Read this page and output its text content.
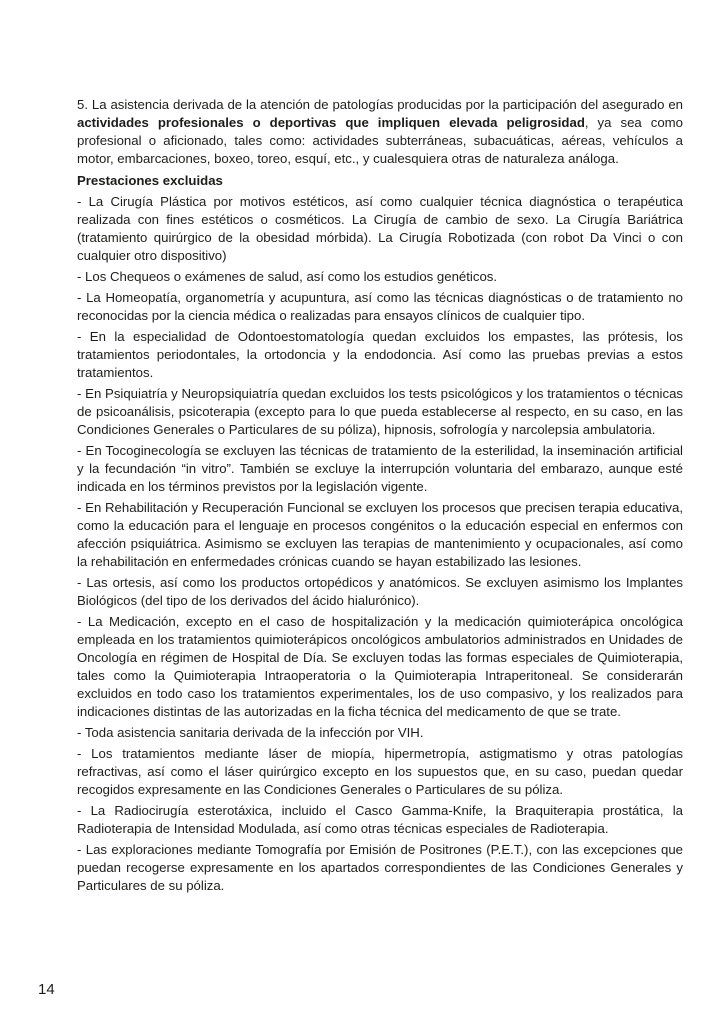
5. La asistencia derivada de la atención de patologías producidas por la participación del asegurado en actividades profesionales o deportivas que impliquen elevada peligrosidad, ya sea como profesional o aficionado, tales como: actividades subterráneas, subacuáticas, aéreas, vehículos a motor, embarcaciones, boxeo, toreo, esquí, etc., y cualesquiera otras de naturaleza análoga.

Prestaciones excluidas

- La Cirugía Plástica por motivos estéticos, así como cualquier técnica diagnóstica o terapéutica realizada con fines estéticos o cosméticos. La Cirugía de cambio de sexo. La Cirugía Bariátrica (tratamiento quirúrgico de la obesidad mórbida). La Cirugía Robotizada (con robot Da Vinci o con cualquier otro dispositivo)

- Los Chequeos o exámenes de salud, así como los estudios genéticos.

- La Homeopatía, organometría y acupuntura, así como las técnicas diagnósticas o de tratamiento no reconocidas por la ciencia médica o realizadas para ensayos clínicos de cualquier tipo.

- En la especialidad de Odontoestomatología quedan excluidos los empastes, las prótesis, los tratamientos periodontales, la ortodoncia y la endodoncia. Así como las pruebas previas a estos tratamientos.

- En Psiquiatría y Neuropsiquiatría quedan excluidos los tests psicológicos y los tratamientos o técnicas de psicoanálisis, psicoterapia (excepto para lo que pueda establecerse al respecto, en su caso, en las Condiciones Generales o Particulares de su póliza), hipnosis, sofrología y narcolepsia ambulatoria.

- En Tocoginecología se excluyen las técnicas de tratamiento de la esterilidad, la inseminación artificial y la fecundación “in vitro”. También se excluye la interrupción voluntaria del embarazo, aunque esté indicada en los términos previstos por la legislación vigente.

- En Rehabilitación y Recuperación Funcional se excluyen los procesos que precisen terapia educativa, como la educación para el lenguaje en procesos congénitos o la educación especial en enfermos con afección psiquiátrica. Asimismo se excluyen las terapias de mantenimiento y ocupacionales, así como la rehabilitación en enfermedades crónicas cuando se hayan estabilizado las lesiones.

- Las ortesis, así como los productos ortopédicos y anatómicos. Se excluyen asimismo los Implantes Biológicos (del tipo de los derivados del ácido hialurónico).

- La Medicación, excepto en el caso de hospitalización y la medicación quimioterápica oncológica empleada en los tratamientos quimioterápicos oncológicos ambulatorios administrados en Unidades de Oncología en régimen de Hospital de Día. Se excluyen todas las formas especiales de Quimioterapia, tales como la Quimioterapia Intraoperatoria o la Quimioterapia Intraperitoneal. Se considerarán excluidos en todo caso los tratamientos experimentales, los de uso compasivo, y los realizados para indicaciones distintas de las autorizadas en la ficha técnica del medicamento de que se trate.

- Toda asistencia sanitaria derivada de la infección por VIH.

- Los tratamientos mediante láser de miopía, hipermetropía, astigmatismo y otras patologías refractivas, así como el láser quirúrgico excepto en los supuestos que, en su caso, puedan quedar recogidos expresamente en las Condiciones Generales o Particulares de su póliza.

- La Radiocirugía esterotáxica, incluido el Casco Gamma-Knife, la Braquiterapia prostática, la Radioterapia de Intensidad Modulada, así como otras técnicas especiales de Radioterapia.

- Las exploraciones mediante Tomografía por Emisión de Positrones (P.E.T.), con las excepciones que puedan recogerse expresamente en los apartados correspondientes de las Condiciones Generales y Particulares de su póliza.

14
